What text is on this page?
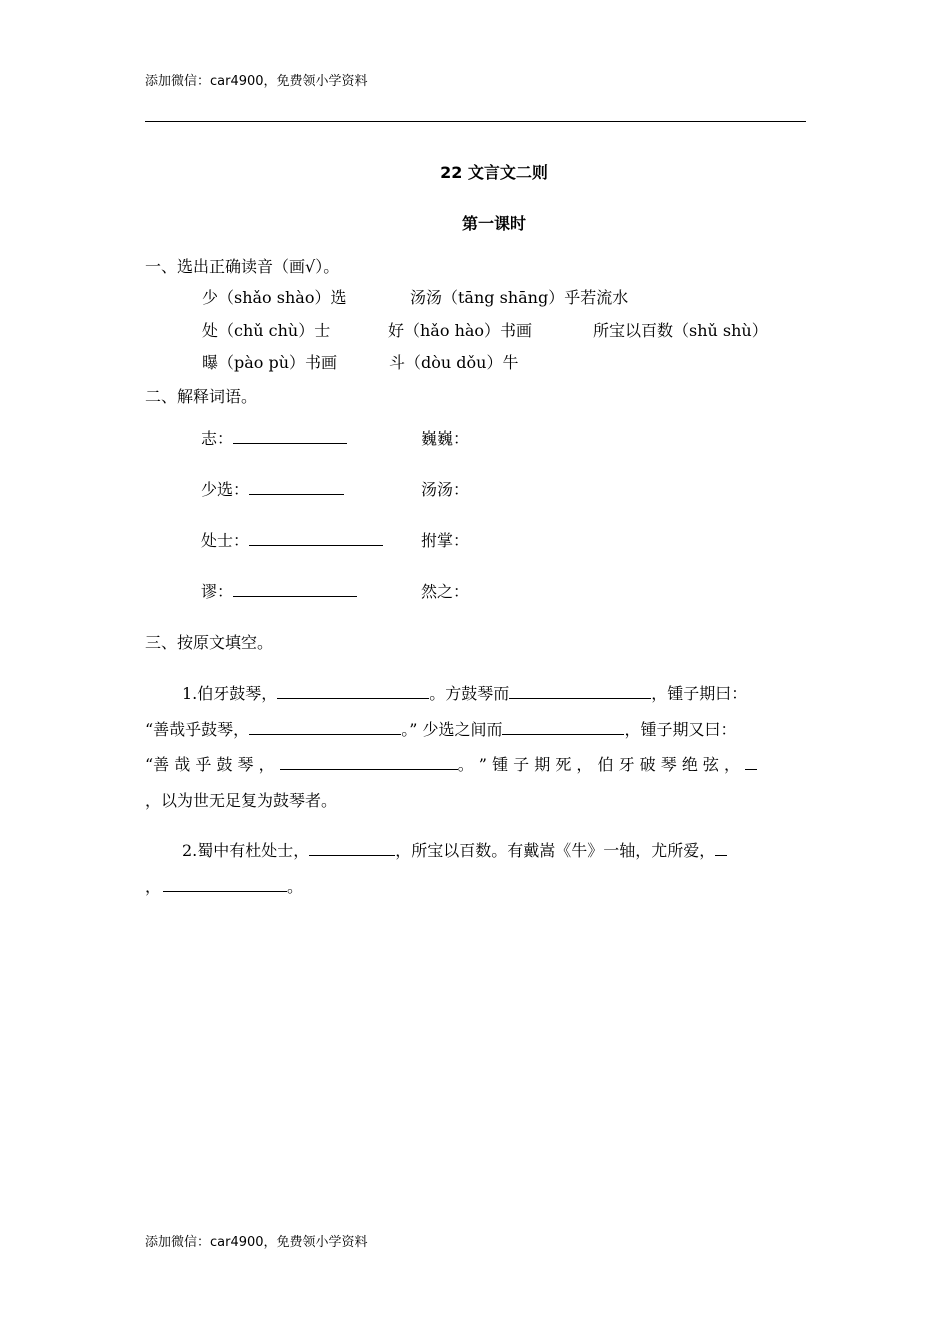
添加微信：car4900，免费领小学资料
22 文言文二则
第一课时
一、选出正确读音（画√）。
少（shǎo shào）选	汤汤（tāng shāng）乎若流水
处（chǔ chù）士	好（hǎo hào）书画	所宝以百数（shǔ shù）
曝（pào pù）书画	斗（dòu dǒu）牛
二、解释词语。
志：	巍巍：
少选：	汤汤：
处士：	拊掌：
谬：	然之：
三、按原文填空。
1.伯牙鼓琴，	。方鼓琴而	，锺子期曰：
“善哉乎鼓琴，	。” 少选之间而	，锺子期又曰：
“善 哉 乎 鼓 琴 ，	。 ” 锺 子 期 死 ， 伯 牙 破 琴 绝 弦 ，
，以为世无足复为鼓琴者。
2.蜀中有杜处士，	，所宝以百数。有戴嵩《牛》一轴，尤所爱，
，	。
添加微信：car4900，免费领小学资料
